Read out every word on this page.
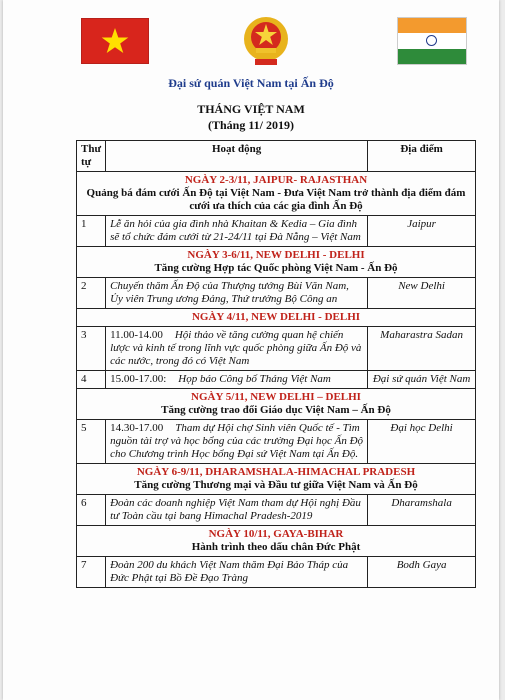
Đại sứ quán Việt Nam tại Ấn Độ
THÁNG VIỆT NAM
(Tháng 11/ 2019)
Thư tự	Hoạt động	Địa điểm

NGÀY 2-3/11, JAIPUR- RAJASTHAN
Quảng bá đám cưới Ấn Độ tại Việt Nam - Đưa Việt Nam trở thành địa điểm đám cưới ưa thích của các gia đình Ấn Độ		

1	Lễ ăn hỏi của gia đình nhà Khaitan & Kedia – Gia đình sẽ tổ chức đám cưới từ 21-24/11 tại Đà Nẵng – Việt Nam	Jaipur

NGÀY 3-6/11, NEW DELHI - DELHI
Tăng cường Hợp tác Quốc phòng Việt Nam - Ấn Độ		

2	Chuyến thăm Ấn Độ của Thượng tướng Bùi Văn Nam, Ủy viên Trung ương Đảng, Thứ trưởng Bộ Công an	New Delhi

NGÀY 4/11, NEW DELHI - DELHI		

3	11.00-14.00 Hội thảo về tăng cường quan hệ chiến lược và kinh tế trong lĩnh vực quốc phòng giữa Ấn Độ và các nước, trong đó có Việt Nam	Maharastra Sadan
4	15.00-17.00: Họp báo Công bố Tháng Việt Nam	Đại sứ quán Việt Nam

NGÀY 5/11, NEW DELHI – DELHI
Tăng cường trao đổi Giáo dục Việt Nam – Ấn Độ		

5	14.30-17.00 Tham dự Hội chợ Sinh viên Quốc tế - Tìm nguồn tài trợ và học bổng của các trường Đại học Ấn Độ cho Chương trình Học bổng Đại sứ Việt Nam tại Ấn Độ.	Đại học Delhi

NGÀY 6-9/11, DHARAMSHALA-HIMACHAL PRADESH
Tăng cường Thương mại và Đầu tư giữa Việt Nam và Ấn Độ		

6	Đoàn các doanh nghiệp Việt Nam tham dự Hội nghị Đầu tư Toàn cầu tại bang Himachal Pradesh-2019	Dharamshala

NGÀY 10/11, GAYA-BIHAR
Hành trình theo dấu chân Đức Phật		

7	Đoàn 200 du khách Việt Nam thăm Đại Bảo Tháp của Đức Phật tại Bồ Đề Đạo Tràng	Bodh Gaya
